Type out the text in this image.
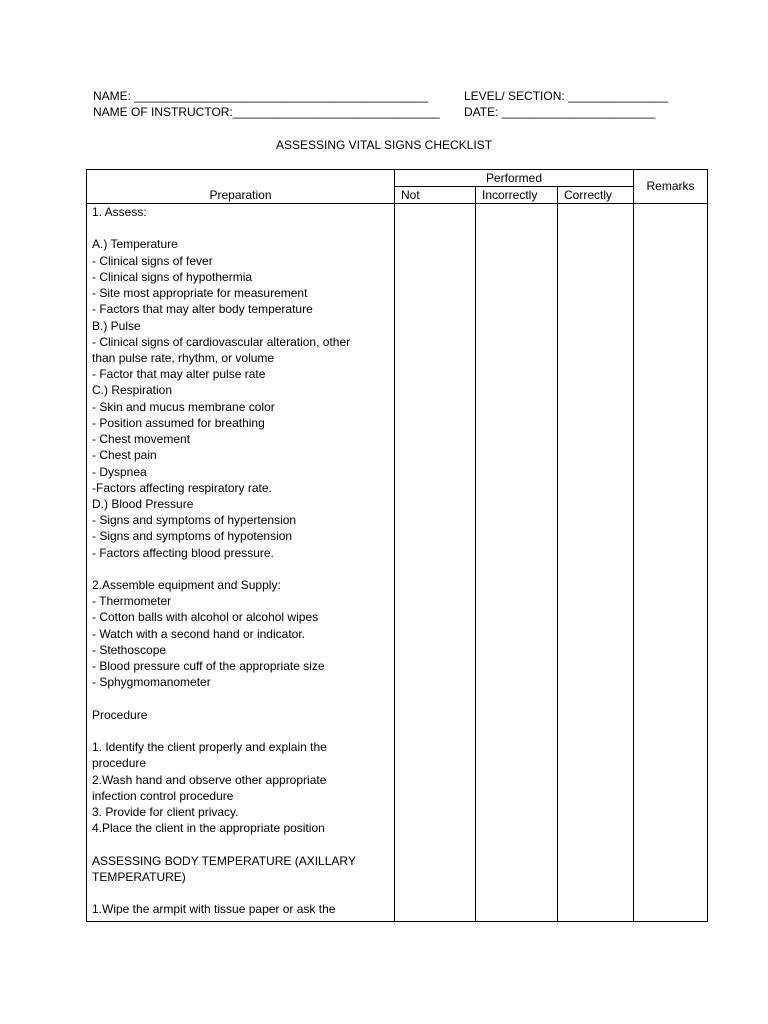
NAME: ____________________________________________	LEVEL/ SECTION: _______________
NAME OF INSTRUCTOR:_______________________________ DATE: _______________________
ASSESSING VITAL SIGNS CHECKLIST
Preparation
Performed
Not	Incorrectly Correctly
Remarks
1. Assess:
A.) Temperature
- Clinical signs of fever
- Clinical signs of hypothermia
- Site most appropriate for measurement
- Factors that may alter body temperature
B.) Pulse
- Clinical signs of cardiovascular alteration, other
than pulse rate, rhythm, or volume
- Factor that may alter pulse rate
C.) Respiration
- Skin and mucus membrane color
- Position assumed for breathing
- Chest movement
- Chest pain
- Dyspnea
-Factors affecting respiratory rate.
D.) Blood Pressure
- Signs and symptoms of hypertension
- Signs and symptoms of hypotension
- Factors affecting blood pressure.
2.Assemble equipment and Supply:
- Thermometer
- Cotton balls with alcohol or alcohol wipes
- Watch with a second hand or indicator.
- Stethoscope
- Blood pressure cuff of the appropriate size
- Sphygmomanometer
Procedure
1. Identify the client properly and explain the
procedure
2.Wash hand and observe other appropriate
infection control procedure
3. Provide for client privacy.
4.Place the client in the appropriate position
ASSESSING BODY TEMPERATURE (AXILLARY
TEMPERATURE)
1.Wipe the armpit with tissue paper or ask the
